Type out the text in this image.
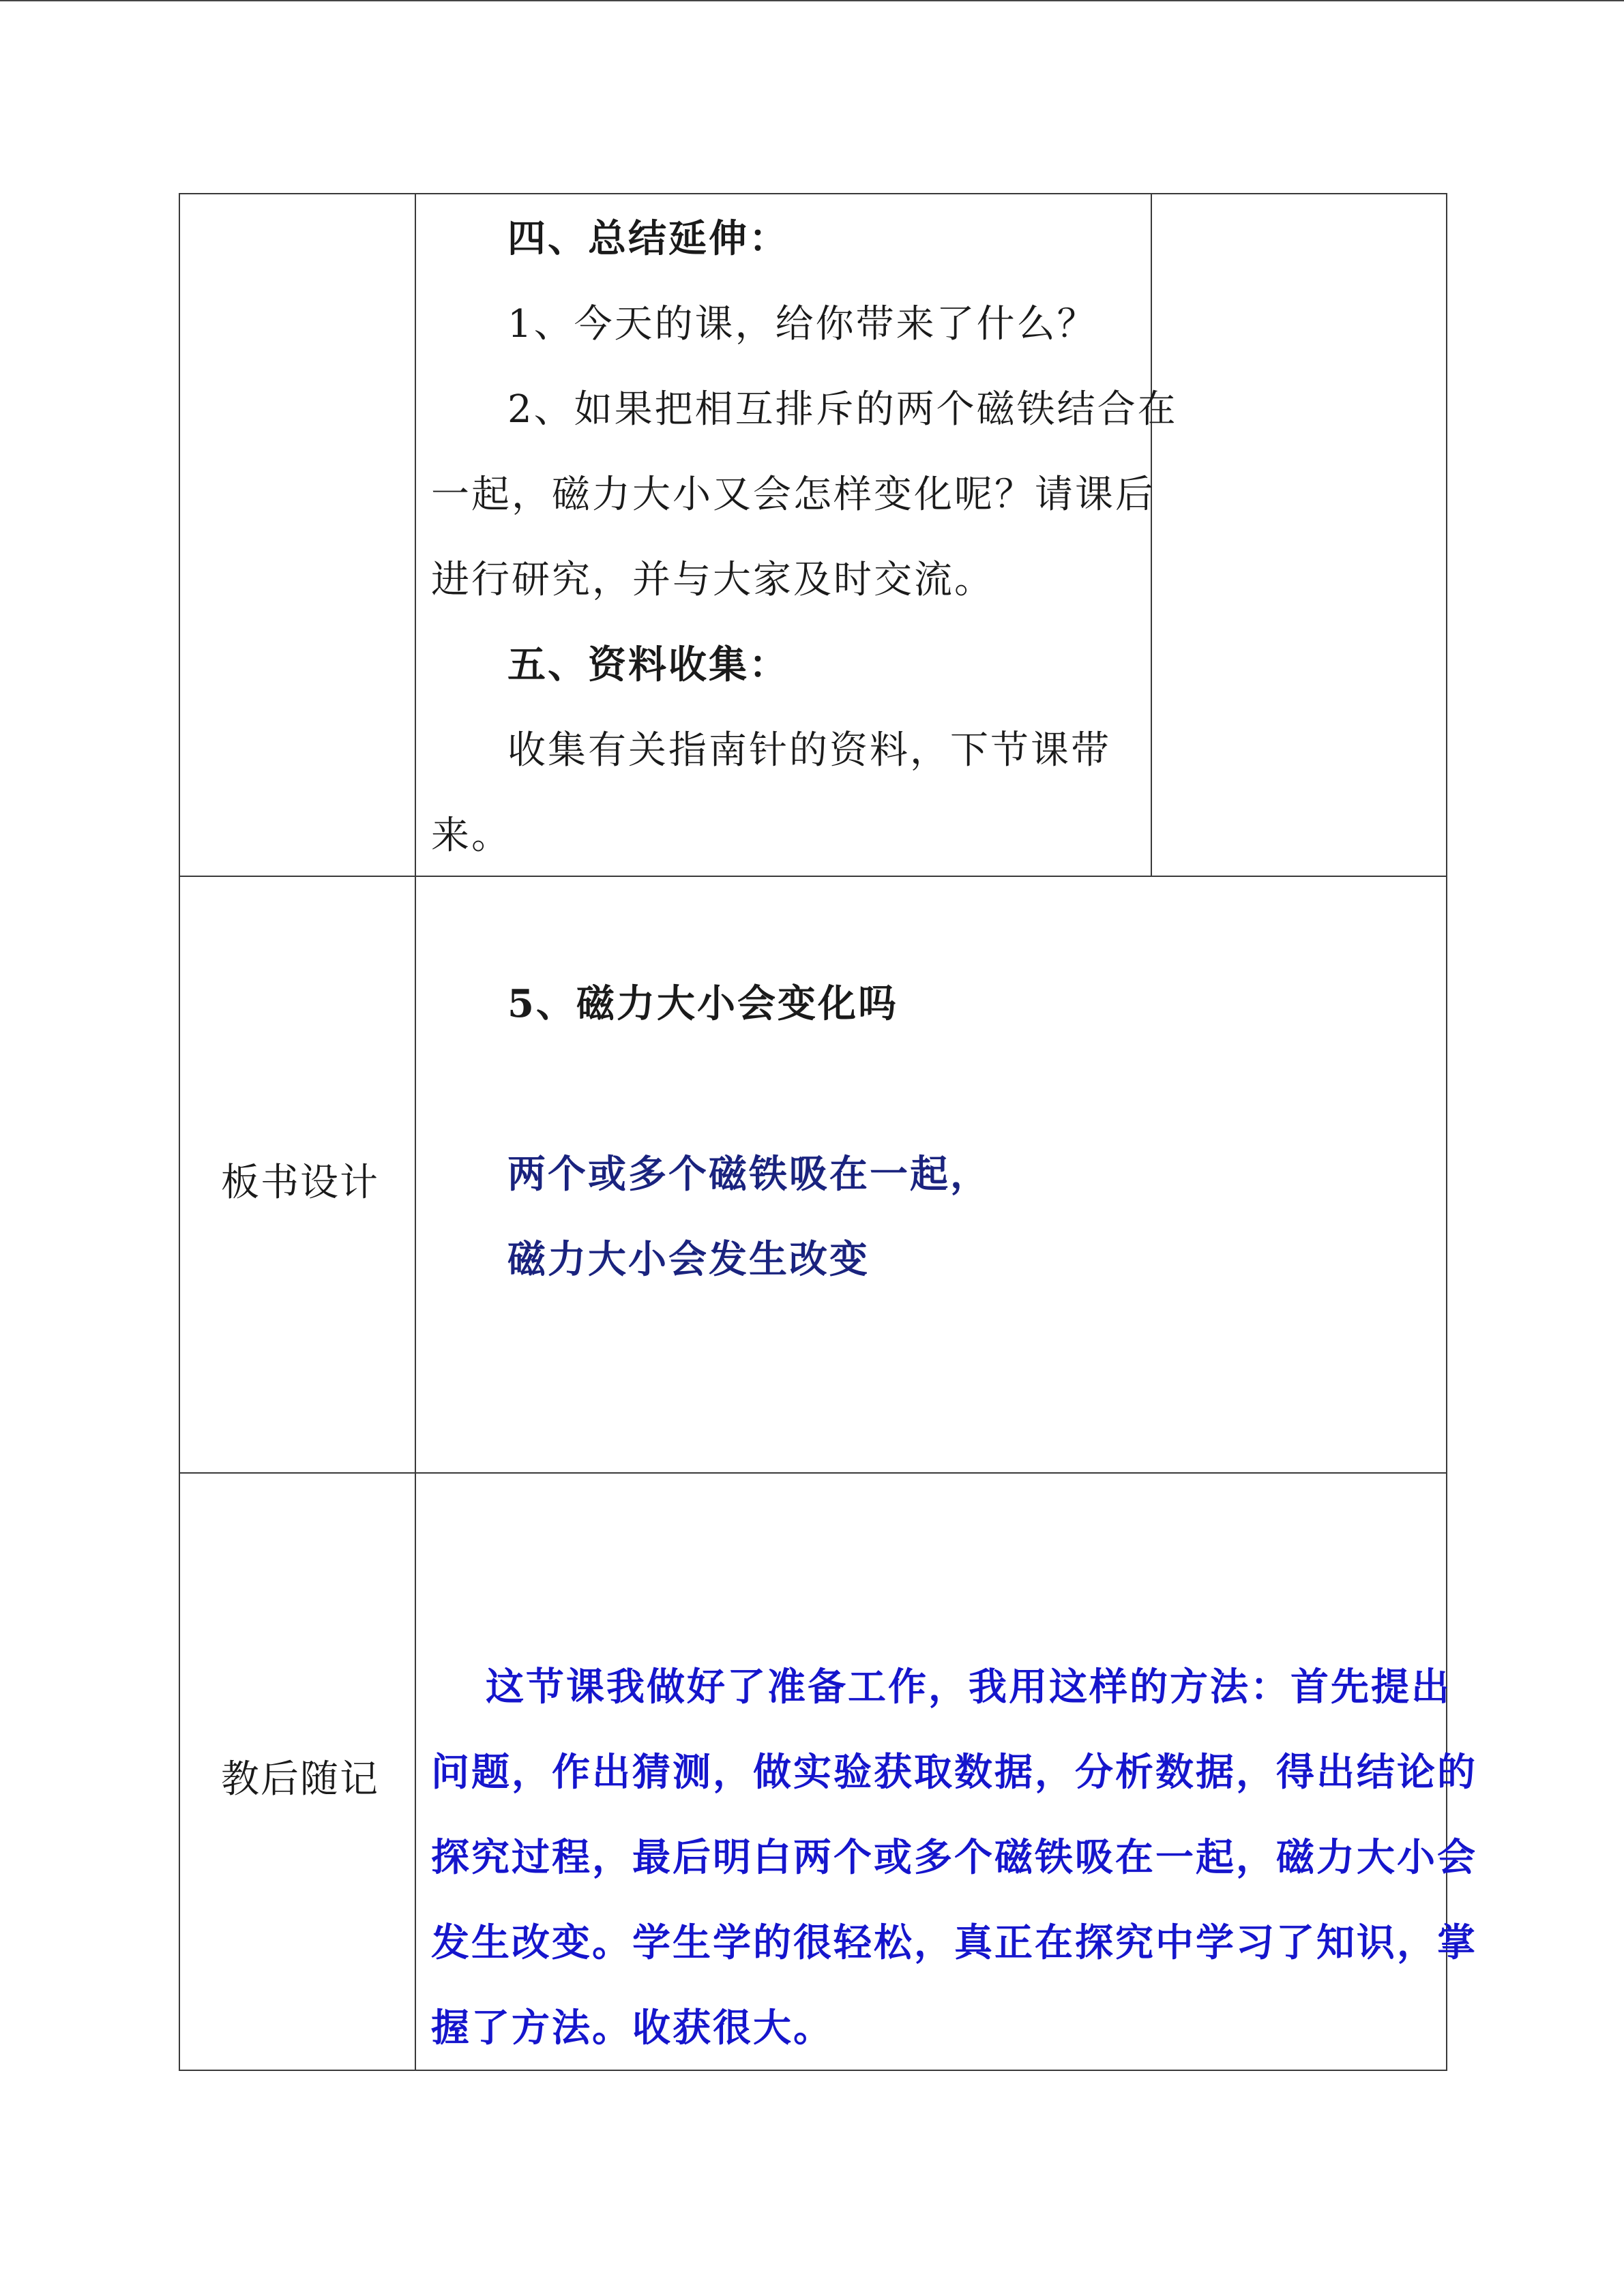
四、总结延伸：
1、今天的课，给你带来了什么？
2、如果把相互排斥的两个磁铁结合在
一起，磁力大小又会怎样变化呢？请课后
进行研究，并与大家及时交流。
五、资料收集：
收集有关指南针的资料，下节课带
来。
板书设计
5、磁力大小会变化吗
两个或多个磁铁吸在一起，
磁力大小会发生改变
教后随记
这节课我做好了准备工作，我用这样的方法：首先提出
问题，作出猜测，做实验获取数据，分析数据，得出结论的
探究过程，最后明白两个或多个磁铁吸在一起，磁力大小会
发生改变。学生学的很轻松，真正在探究中学习了知识，掌
握了方法。收获很大。
